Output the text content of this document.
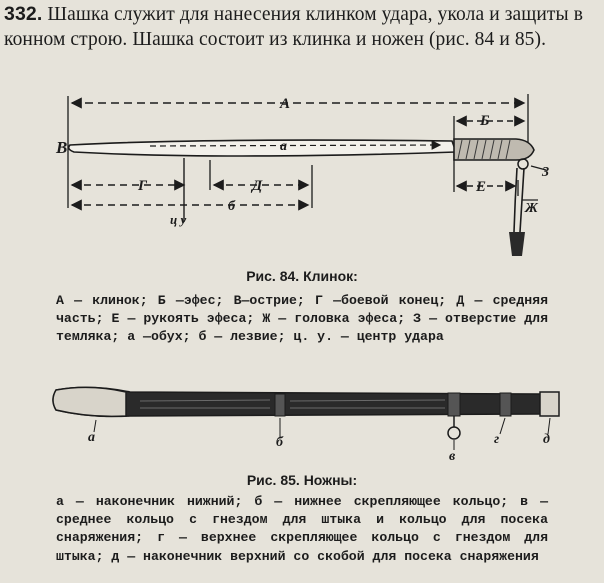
332. Шашка служит для нанесения клинком удара, укола и защиты в конном строю. Шашка состоит из клинка и ножен (рис. 84 и 85).
А
Б
В	а
Г	Д	Е
б
ц у
З
Ж
а	б
в
г	д
Рис. 84. Клинок:
А — клинок; Б —эфес; В—острие; Г —боевой конец; Д — средняя часть; Е — рукоять эфеса; Ж — головка эфеса; З — отверстие для темляка; а —обух; б — лезвие; ц. у. — центр удара
Рис. 85. Ножны:
а — наконечник нижний; б — нижнее скрепляющее кольцо; в — среднее кольцо с гнездом для штыка и кольцо для посека снаряжения; г — верхнее скрепляющее кольцо с гнездом для штыка; д — наконечник верхний со скобой для посека снаряжения
